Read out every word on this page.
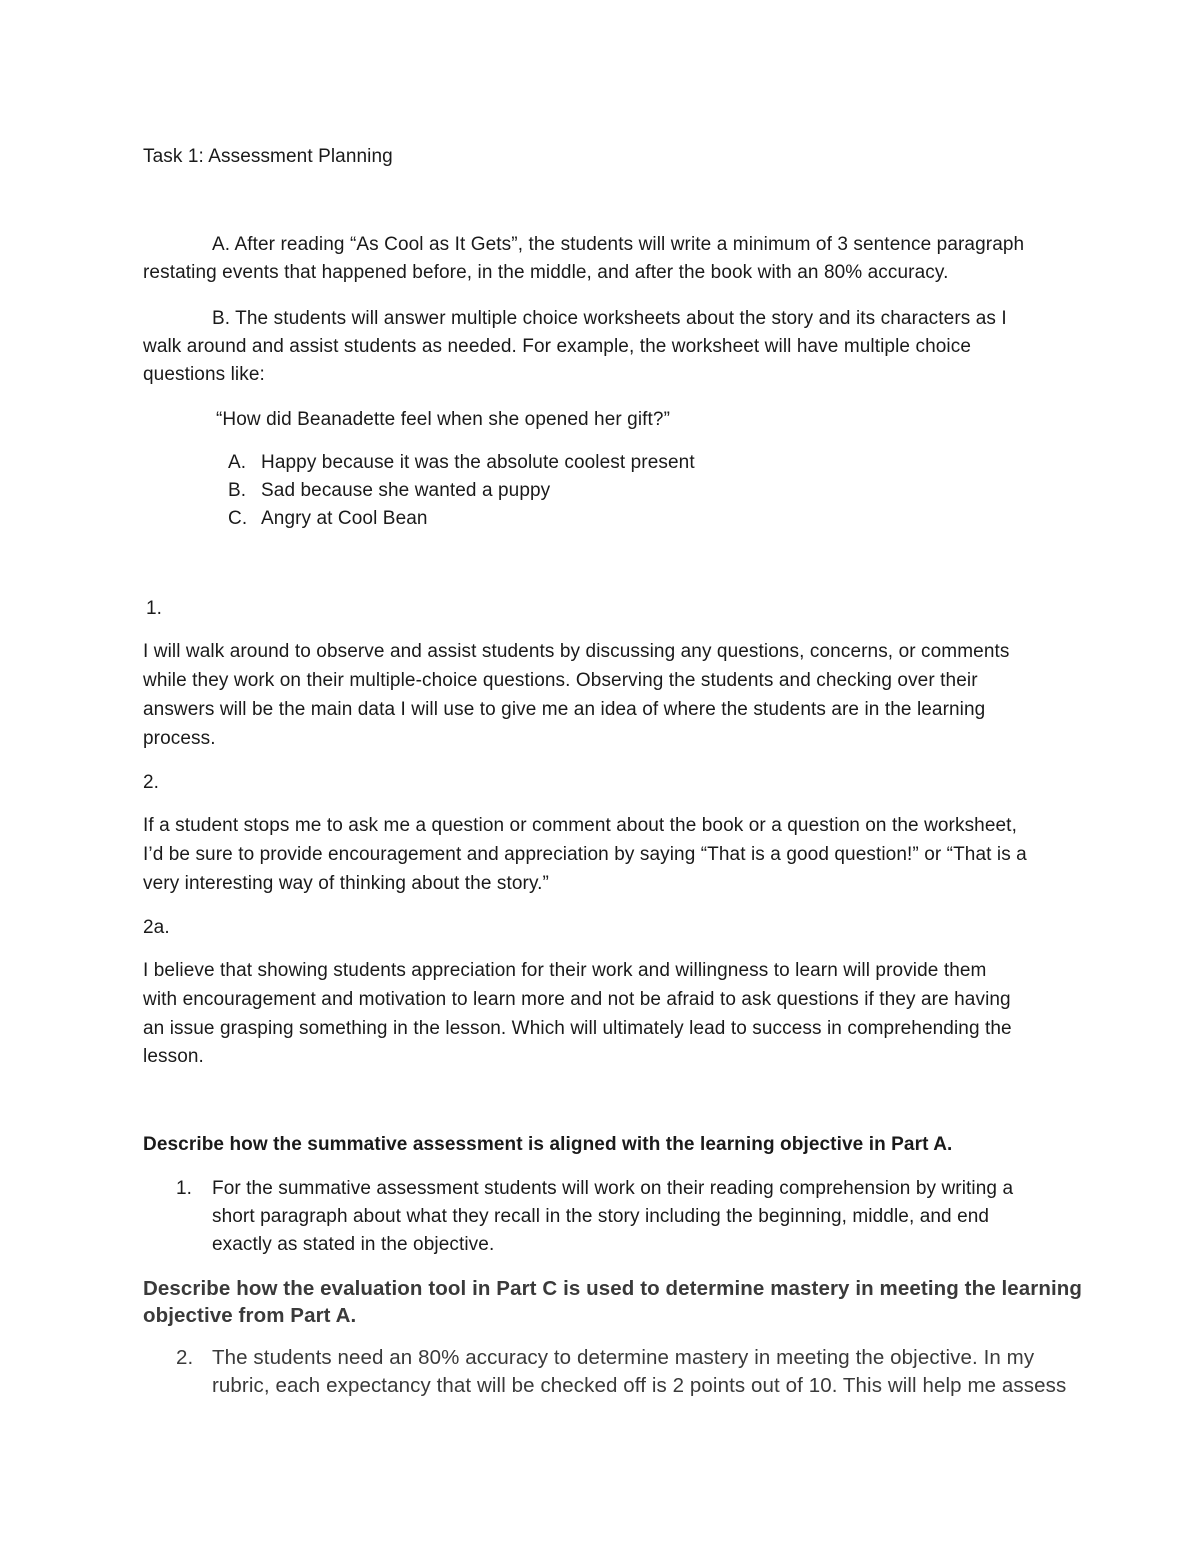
Task 1: Assessment Planning
A. After reading “As Cool as It Gets”, the students will write a minimum of 3 sentence paragraph
restating events that happened before, in the middle, and after the book with an 80% accuracy.
B. The students will answer multiple choice worksheets about the story and its characters as I
walk around and assist students as needed. For example, the worksheet will have multiple choice
questions like:
“How did Beanadette feel when she opened her gift?”
A. Happy because it was the absolute coolest present
B. Sad because she wanted a puppy
C. Angry at Cool Bean
1.
I will walk around to observe and assist students by discussing any questions, concerns, or comments
while they work on their multiple-choice questions. Observing the students and checking over their
answers will be the main data I will use to give me an idea of where the students are in the learning
process.
2.
If a student stops me to ask me a question or comment about the book or a question on the worksheet,
I’d be sure to provide encouragement and appreciation by saying “That is a good question!” or “That is a
very interesting way of thinking about the story.”
2a.
I believe that showing students appreciation for their work and willingness to learn will provide them
with encouragement and motivation to learn more and not be afraid to ask questions if they are having
an issue grasping something in the lesson. Which will ultimately lead to success in comprehending the
lesson.
Describe how the summative assessment is aligned with the learning objective in Part A.
1. For the summative assessment students will work on their reading comprehension by writing a
short paragraph about what they recall in the story including the beginning, middle, and end
exactly as stated in the objective.
Describe how the evaluation tool in Part C is used to determine mastery in meeting the learning
objective from Part A.
2. The students need an 80% accuracy to determine mastery in meeting the objective. In my
rubric, each expectancy that will be checked off is 2 points out of 10. This will help me assess
